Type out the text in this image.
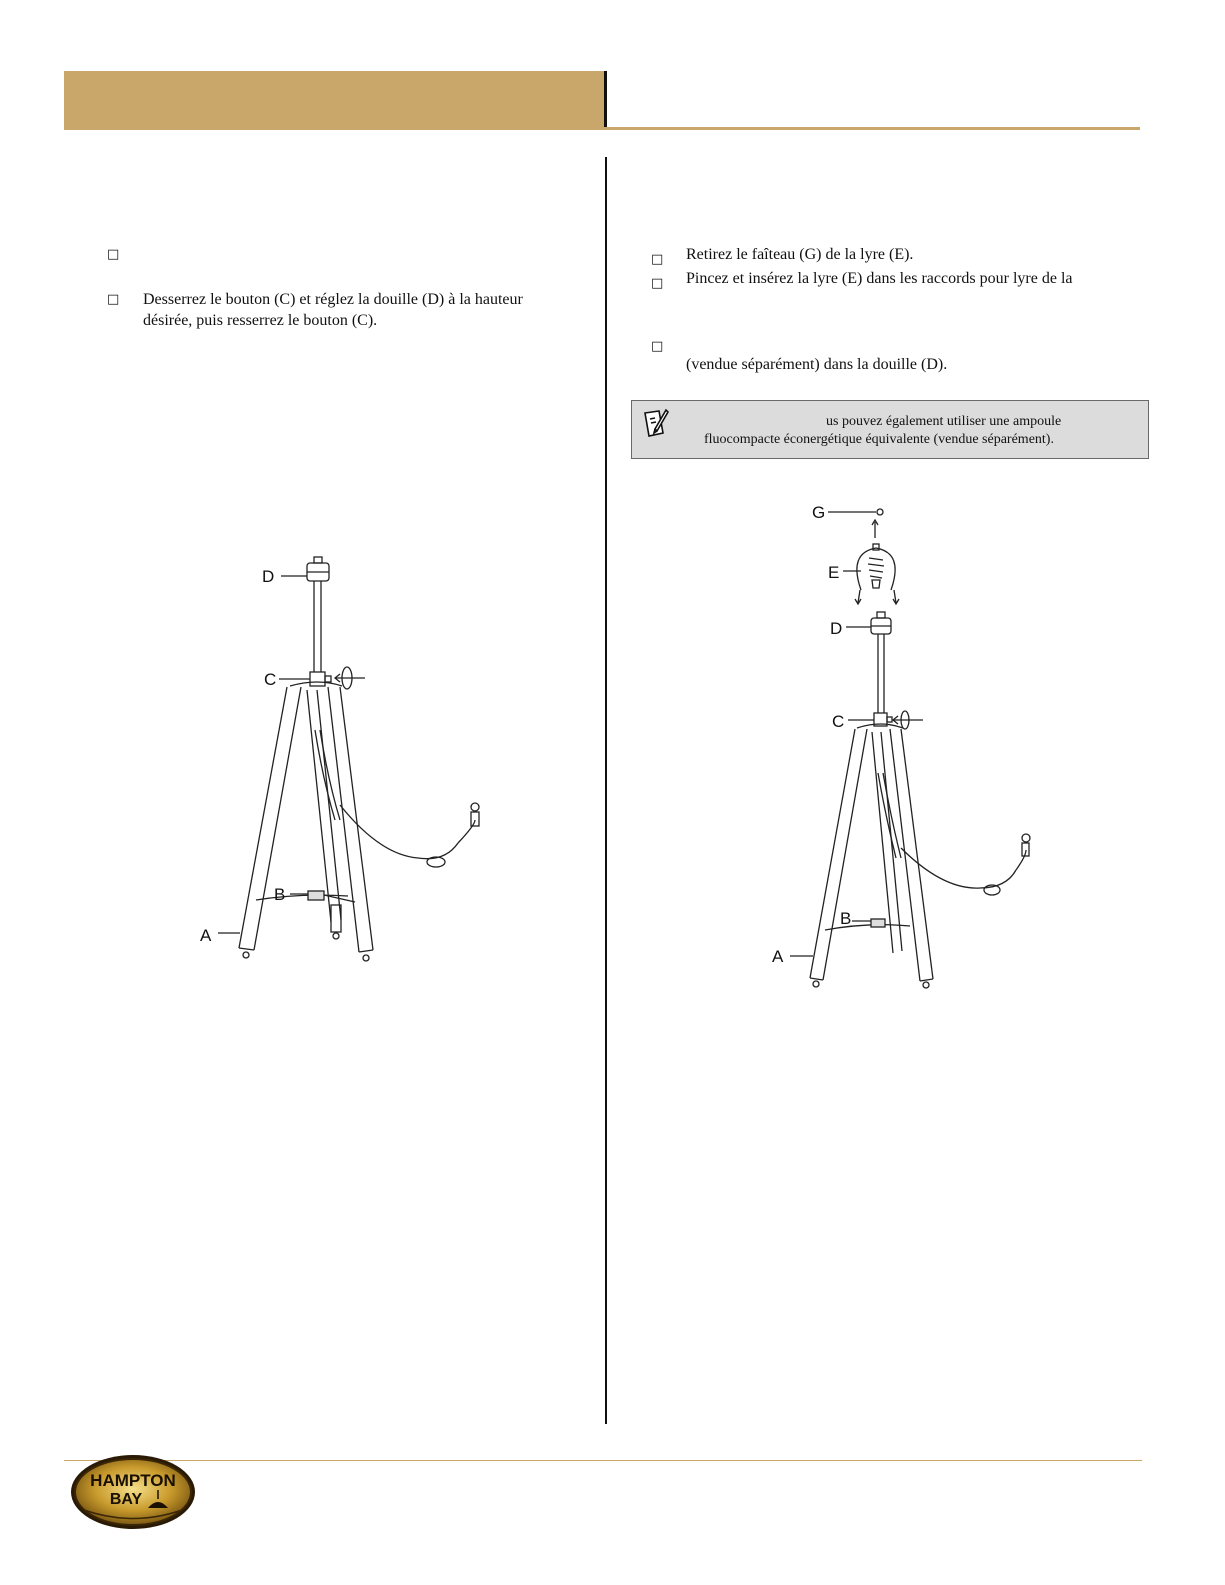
□
□ Desserrez le bouton (C) et réglez la douille (D) à la hauteur
désirée, puis resserrez le bouton (C).
D
C
B
A
□ Retirez le faîteau (G) de la lyre (E).
□ Pincez et insérez la lyre (E) dans les raccords pour lyre de la
□
(vendue séparément) dans la douille (D).
us pouvez également utiliser une ampoule
fluocompacte éconergétique équivalente (vendue séparément).
G
E
D
C
B
A
HAMPTON
BAY
